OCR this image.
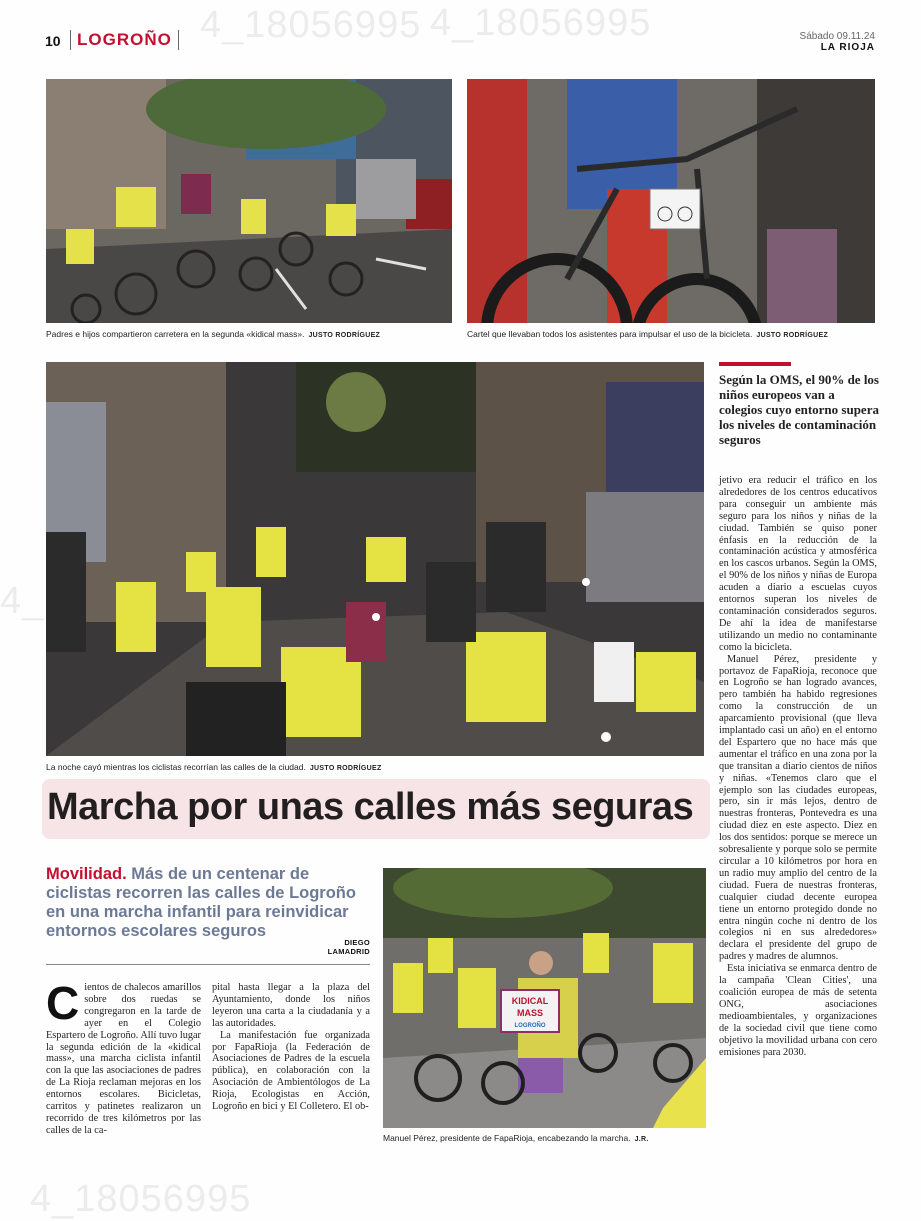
4_18056995 4_18056995
4_
4_18056995
10 LOGROÑO	Sábado 09.11.24
LA RIOJA
Padres e hijos compartieron carretera en la segunda «kidical mass». JUSTO RODRÍGUEZ	Cartel que llevaban todos los asistentes para impulsar el uso de la bicicleta. JUSTO RODRÍGUEZ
La noche cayó mientras los ciclistas recorrían las calles de la ciudad. JUSTO RODRÍGUEZ
Según la OMS, el 90% de los niños europeos van a colegios cuyo entorno supera los niveles de contaminación seguros
Marcha por unas calles más seguras
Movilidad. Más de un centenar de ciclistas recorren las calles de Logroño en una marcha infantil para reinvidicar entornos escolares seguros
DIEGO
LAMADRID

Cientos de chalecos amarillos sobre dos ruedas se congregaron en la tarde de ayer en el Colegio Espartero de Logroño. Allí tuvo lugar la segunda edición de la «kidical mass», una marcha ciclista infantil con la que las asociaciones de padres de La Rioja reclaman mejoras en los entornos escolares. Bicicletas, carritos y patinetes realizaron un recorrido de tres kilómetros por las calles de la ca-

pital hasta llegar a la plaza del Ayuntamiento, donde los niños leyeron una carta a la ciudadanía y a las autoridades.

La manifestación fue organizada por FapaRioja (la Federación de Asociaciones de Padres de la escuela pública), en colaboración con la Asociación de Ambientólogos de La Rioja, Ecologistas en Acción, Logroño en bici y El Colletero. El ob-

jetivo era reducir el tráfico en los alrededores de los centros educativos para conseguir un ambiente más seguro para los niños y niñas de la ciudad. También se quiso poner énfasis en la reducción de la contaminación acústica y atmosférica en los cascos urbanos. Según la OMS, el 90% de los niños y niñas de Europa acuden a diario a escuelas cuyos entornos superan los niveles de contaminación considerados seguros. De ahí la idea de manifestarse utilizando un medio no contaminante como la bicicleta.

Manuel Pérez, presidente y portavoz de FapaRioja, reconoce que en Logroño se han logrado avances, pero también ha habido regresiones como la construcción de un aparcamiento provisional (que lleva implantado casi un año) en el entorno del Espartero que no hace más que aumentar el tráfico en una zona por la que transitan a diario cientos de niños y niñas. «Tenemos claro que el ejemplo son las ciudades europeas, pero, sin ir más lejos, dentro de nuestras fronteras, Pontevedra es una ciudad diez en este aspecto. Diez en los dos sentidos: porque se merece un sobresaliente y porque solo se permite circular a 10 kilómetros por hora en un radio muy amplio del centro de la ciudad. Fuera de nuestras fronteras, cualquier ciudad decente europea tiene un entorno protegido donde no entra ningún coche ni dentro de los colegios ni en sus alrededores» declara el presidente del grupo de padres y madres de alumnos.

Esta iniciativa se enmarca dentro de la campaña 'Clean Cities', una coalición europea de más de setenta ONG, asociaciones medioambientales, y organizaciones de la sociedad civil que tiene como objetivo la movilidad urbana con cero emisiones para 2030.

KIDICAL
MASS
LOGROÑO
Manuel Pérez, presidente de FapaRioja, encabezando la marcha. J.R.
